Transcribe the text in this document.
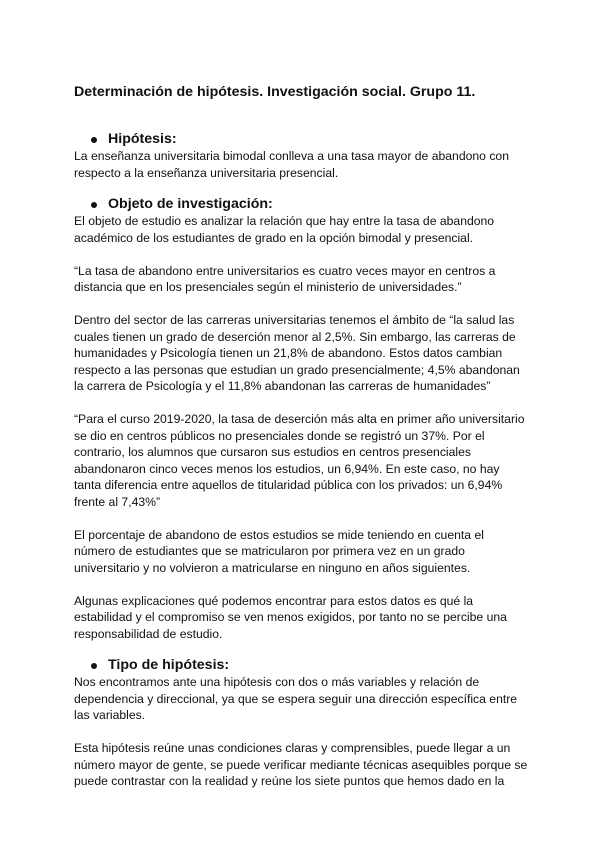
Determinación de hipótesis. Investigación social. Grupo 11.
Hipótesis:

La enseñanza universitaria bimodal conlleva a una tasa mayor de abandono con respecto a la enseñanza universitaria presencial.

Objeto de investigación:

El objeto de estudio es analizar la relación que hay entre la tasa de abandono académico de los estudiantes de grado en la opción bimodal y presencial.

“La tasa de abandono entre universitarios es cuatro veces mayor en centros a distancia que en los presenciales según el ministerio de universidades.”

Dentro del sector de las carreras universitarias tenemos el ámbito de “la salud las cuales tienen un grado de deserción menor al 2,5%. Sin embargo, las carreras de humanidades y Psicología tienen un 21,8% de abandono. Estos datos cambian respecto a las personas que estudian un grado presencialmente; 4,5% abandonan la carrera de Psicología y el 11,8% abandonan las carreras de humanidades”

“Para el curso 2019-2020, la tasa de deserción más alta en primer año universitario se dio en centros públicos no presenciales donde se registró un 37%. Por el contrario, los alumnos que cursaron sus estudios en centros presenciales abandonaron cinco veces menos los estudios, un 6,94%. En este caso, no hay tanta diferencia entre aquellos de titularidad pública con los privados: un 6,94% frente al 7,43%”

El porcentaje de abandono de estos estudios se mide teniendo en cuenta el número de estudiantes que se matricularon por primera vez en un grado universitario y no volvieron a matricularse en ninguno en años siguientes.

Algunas explicaciones qué podemos encontrar para estos datos es qué la estabilidad y el compromiso se ven menos exigidos, por tanto no se percibe una responsabilidad de estudio.

Tipo de hipótesis:

Nos encontramos ante una hipótesis con dos o más variables y relación de dependencia y direccional, ya que se espera seguir una dirección específica entre las variables.

Esta hipótesis reúne unas condiciones claras y comprensibles, puede llegar a un número mayor de gente, se puede verificar mediante técnicas asequibles porque se puede contrastar con la realidad y reúne los siete puntos que hemos dado en la
